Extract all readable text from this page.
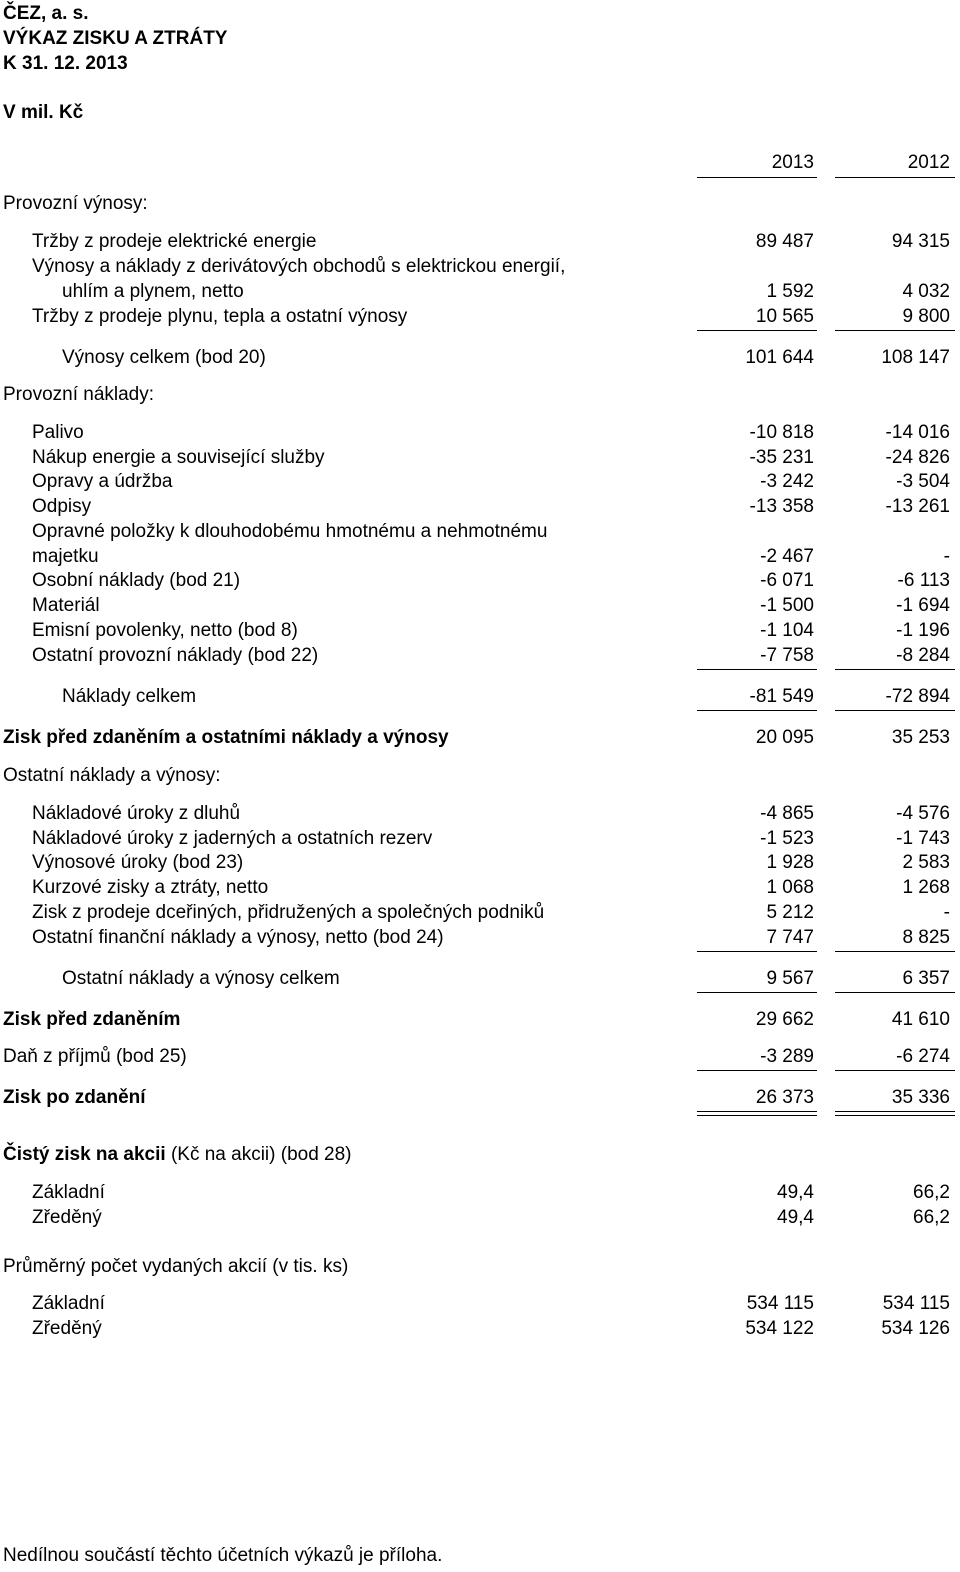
ČEZ, a. s.
VÝKAZ ZISKU A ZTRÁTY
K 31. 12. 2013
V mil. Kč
2013	2012
Provozní výnosy:
Tržby z prodeje elektrické energie	89 487	94 315
Výnosy a náklady z derivátových obchodů s elektrickou energií,
uhlím a plynem, netto	1 592	4 032
Tržby z prodeje plynu, tepla a ostatní výnosy	10 565	9 800
Výnosy celkem (bod 20)	101 644	108 147
Provozní náklady:
Palivo	-10 818	-14 016
Nákup energie a související služby	-35 231	-24 826
Opravy a údržba	-3 242	-3 504
Odpisy	-13 358	-13 261
Opravné položky k dlouhodobému hmotnému a nehmotnému
majetku	-2 467	-
Osobní náklady (bod 21)	-6 071	-6 113
Materiál	-1 500	-1 694
Emisní povolenky, netto (bod 8)	-1 104	-1 196
Ostatní provozní náklady (bod 22)	-7 758	-8 284
Náklady celkem	-81 549	-72 894
Zisk před zdaněním a ostatními náklady a výnosy	20 095	35 253
Ostatní náklady a výnosy:
Nákladové úroky z dluhů	-4 865	-4 576
Nákladové úroky z jaderných a ostatních rezerv	-1 523	-1 743
Výnosové úroky (bod 23)	1 928	2 583
Kurzové zisky a ztráty, netto	1 068	1 268
Zisk z prodeje dceřiných, přidružených a společných podniků	5 212	-
Ostatní finanční náklady a výnosy, netto (bod 24)	7 747	8 825
Ostatní náklady a výnosy celkem	9 567	6 357
Zisk před zdaněním	29 662	41 610
Daň z příjmů (bod 25)	-3 289	-6 274
Zisk po zdanění	26 373	35 336
Čistý zisk na akcii (Kč na akcii) (bod 28)
Základní	49,4	66,2
Zředěný	49,4	66,2
Průměrný počet vydaných akcií (v tis. ks)
Základní	534 115	534 115
Zředěný	534 122	534 126
Nedílnou součástí těchto účetních výkazů je příloha.
